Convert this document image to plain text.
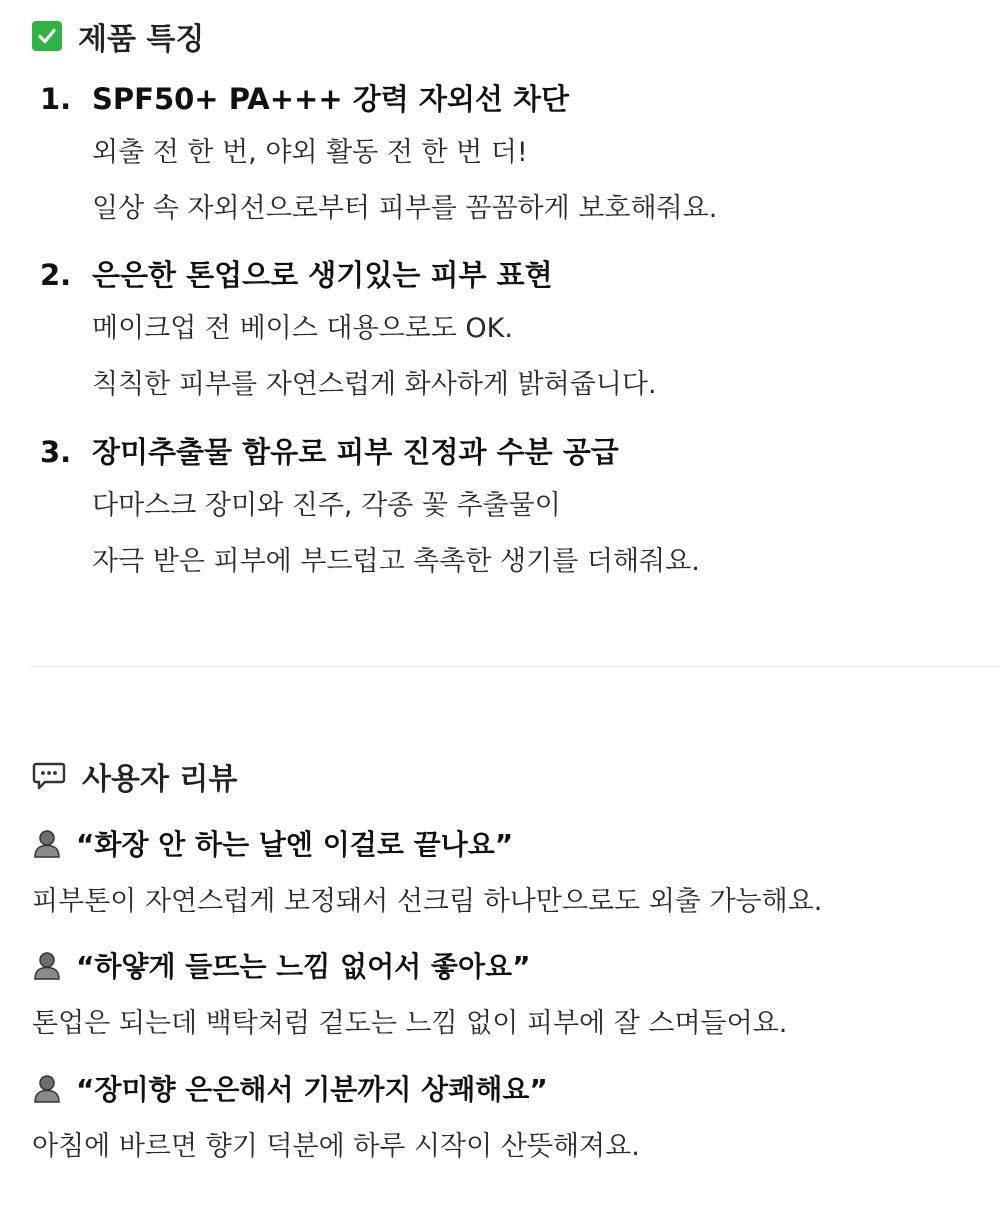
제품 특징
1. SPF50+ PA+++ 강력 자외선 차단
외출 전 한 번, 야외 활동 전 한 번 더!
일상 속 자외선으로부터 피부를 꼼꼼하게 보호해줘요.
2. 은은한 톤업으로 생기있는 피부 표현
메이크업 전 베이스 대용으로도 OK.
칙칙한 피부를 자연스럽게 화사하게 밝혀줍니다.
3. 장미추출물 함유로 피부 진정과 수분 공급
다마스크 장미와 진주, 각종 꽃 추출물이
자극 받은 피부에 부드럽고 촉촉한 생기를 더해줘요.
사용자 리뷰
“화장 안 하는 날엔 이걸로 끝나요”
피부톤이 자연스럽게 보정돼서 선크림 하나만으로도 외출 가능해요.
“하얗게 들뜨는 느낌 없어서 좋아요”
톤업은 되는데 백탁처럼 겉도는 느낌 없이 피부에 잘 스며들어요.
“장미향 은은해서 기분까지 상쾌해요”
아침에 바르면 향기 덕분에 하루 시작이 산뜻해져요.
